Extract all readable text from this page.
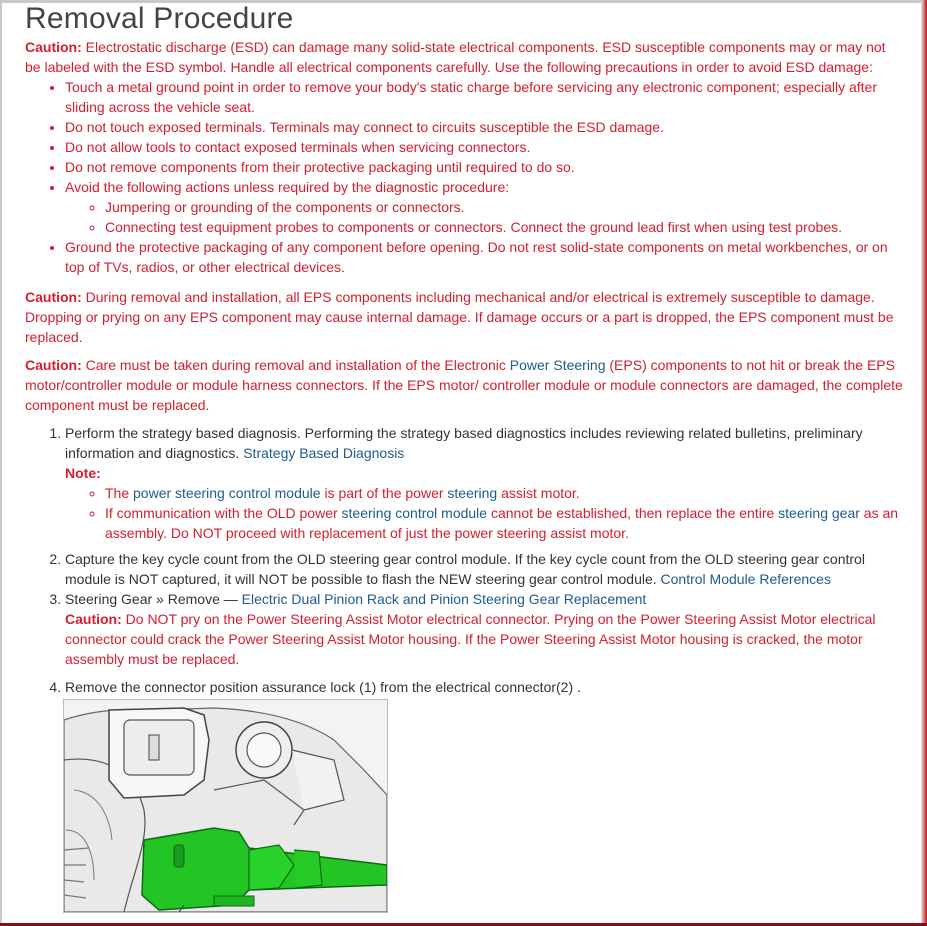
Removal Procedure

Caution: Electrostatic discharge (ESD) can damage many solid-state electrical components. ESD susceptible components may or may not be labeled with the ESD symbol. Handle all electrical components carefully. Use the following precautions in order to avoid ESD damage:

• Touch a metal ground point in order to remove your body's static charge before servicing any electronic component; especially after sliding across the vehicle seat.
• Do not touch exposed terminals. Terminals may connect to circuits susceptible the ESD damage.
• Do not allow tools to contact exposed terminals when servicing connectors.
• Do not remove components from their protective packaging until required to do so.
• Avoid the following actions unless required by the diagnostic procedure:
◦ Jumpering or grounding of the components or connectors.
◦ Connecting test equipment probes to components or connectors. Connect the ground lead first when using test probes.
• Ground the protective packaging of any component before opening. Do not rest solid-state components on metal workbenches, or on top of TVs, radios, or other electrical devices.

Caution: During removal and installation, all EPS components including mechanical and/or electrical is extremely susceptible to damage. Dropping or prying on any EPS component may cause internal damage. If damage occurs or a part is dropped, the EPS component must be replaced.

Caution: Care must be taken during removal and installation of the Electronic Power Steering (EPS) components to not hit or break the EPS motor/controller module or module harness connectors. If the EPS motor/ controller module or module connectors are damaged, the complete component must be replaced.

1. Perform the strategy based diagnosis. Performing the strategy based diagnostics includes reviewing related bulletins, preliminary information and diagnostics. Strategy Based Diagnosis
Note:
◦ The power steering control module is part of the power steering assist motor.
◦ If communication with the OLD power steering control module cannot be established, then replace the entire steering gear as an assembly. Do NOT proceed with replacement of just the power steering assist motor.
2. Capture the key cycle count from the OLD steering gear control module. If the key cycle count from the OLD steering gear control module is NOT captured, it will NOT be possible to flash the NEW steering gear control module. Control Module References
3. Steering Gear » Remove — Electric Dual Pinion Rack and Pinion Steering Gear Replacement
Caution: Do NOT pry on the Power Steering Assist Motor electrical connector. Prying on the Power Steering Assist Motor electrical connector could crack the Power Steering Assist Motor housing. If the Power Steering Assist Motor housing is cracked, the motor assembly must be replaced.
4. Remove the connector position assurance lock (1) from the electrical connector(2) .
